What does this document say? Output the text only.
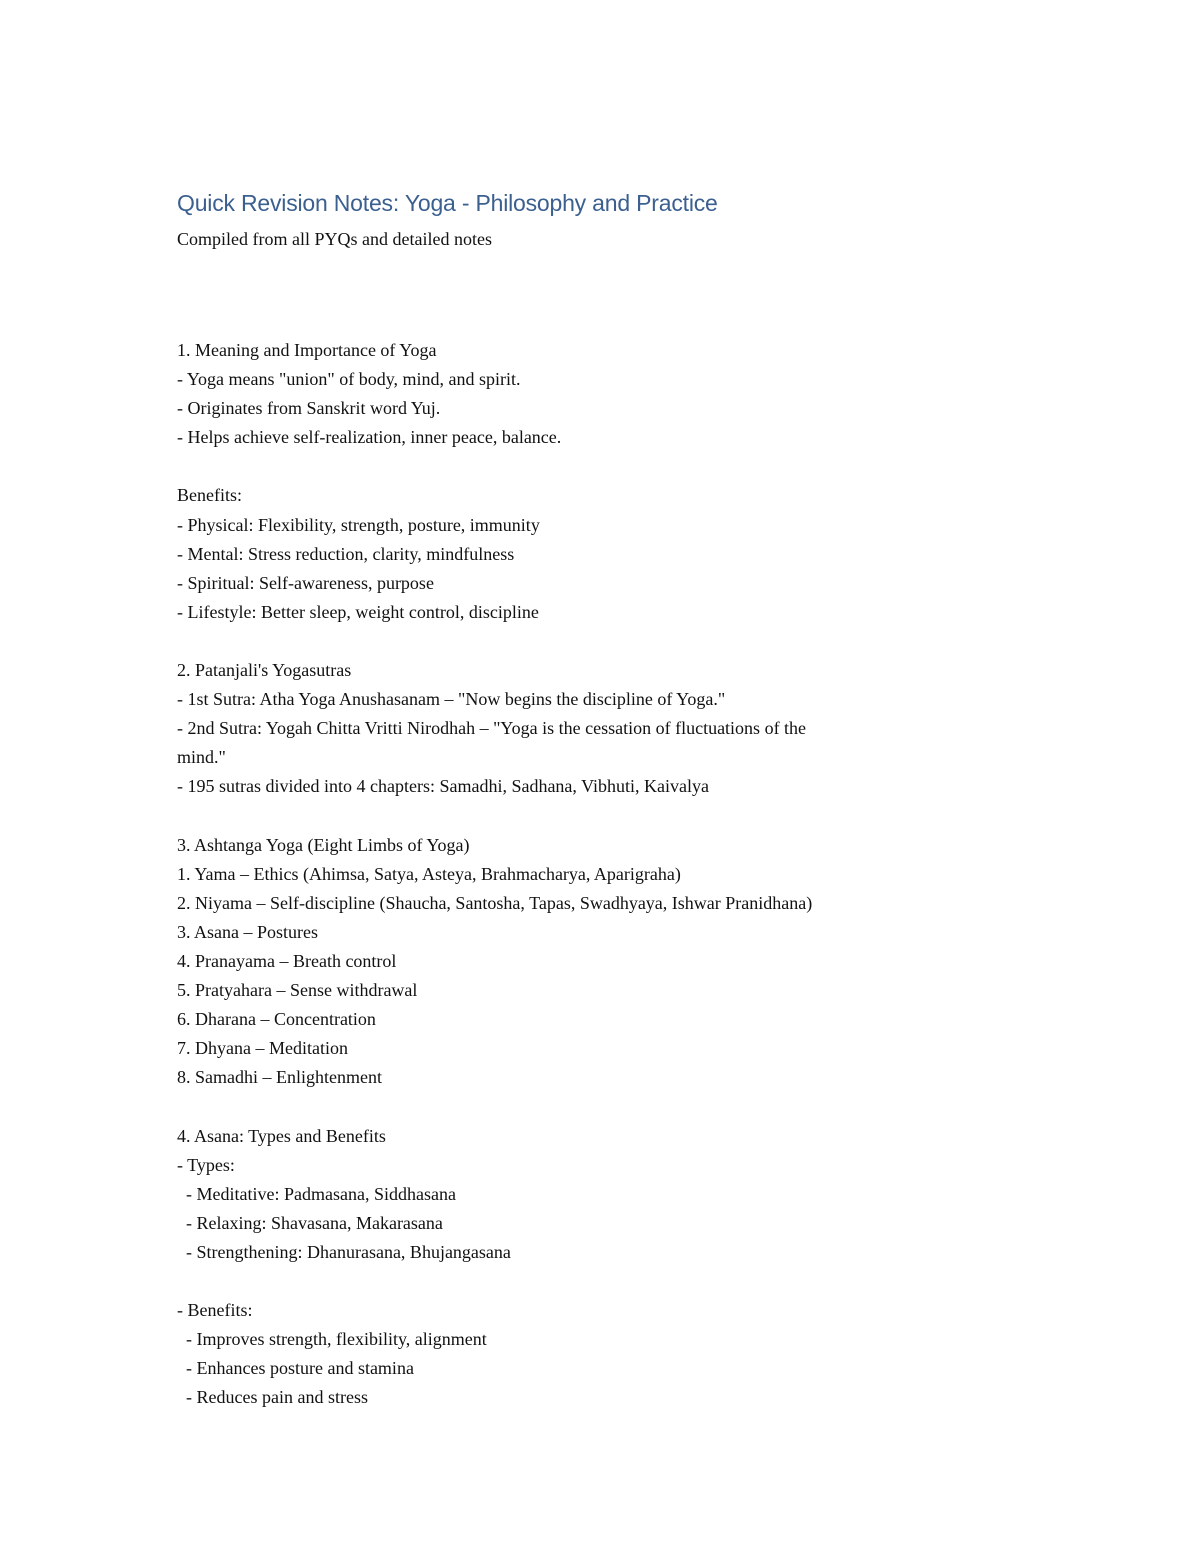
Quick Revision Notes: Yoga - Philosophy and Practice
Compiled from all PYQs and detailed notes
1. Meaning and Importance of Yoga
- Yoga means "union" of body, mind, and spirit.
- Originates from Sanskrit word Yuj.
- Helps achieve self-realization, inner peace, balance.
Benefits:
- Physical: Flexibility, strength, posture, immunity
- Mental: Stress reduction, clarity, mindfulness
- Spiritual: Self-awareness, purpose
- Lifestyle: Better sleep, weight control, discipline
2. Patanjali's Yogasutras
- 1st Sutra: Atha Yoga Anushasanam – "Now begins the discipline of Yoga."
- 2nd Sutra: Yogah Chitta Vritti Nirodhah – "Yoga is the cessation of fluctuations of the
mind."
- 195 sutras divided into 4 chapters: Samadhi, Sadhana, Vibhuti, Kaivalya
3. Ashtanga Yoga (Eight Limbs of Yoga)
1. Yama – Ethics (Ahimsa, Satya, Asteya, Brahmacharya, Aparigraha)
2. Niyama – Self-discipline (Shaucha, Santosha, Tapas, Swadhyaya, Ishwar Pranidhana)
3. Asana – Postures
4. Pranayama – Breath control
5. Pratyahara – Sense withdrawal
6. Dharana – Concentration
7. Dhyana – Meditation
8. Samadhi – Enlightenment
4. Asana: Types and Benefits
- Types:
- Meditative: Padmasana, Siddhasana
- Relaxing: Shavasana, Makarasana
- Strengthening: Dhanurasana, Bhujangasana
- Benefits:
- Improves strength, flexibility, alignment
- Enhances posture and stamina
- Reduces pain and stress
